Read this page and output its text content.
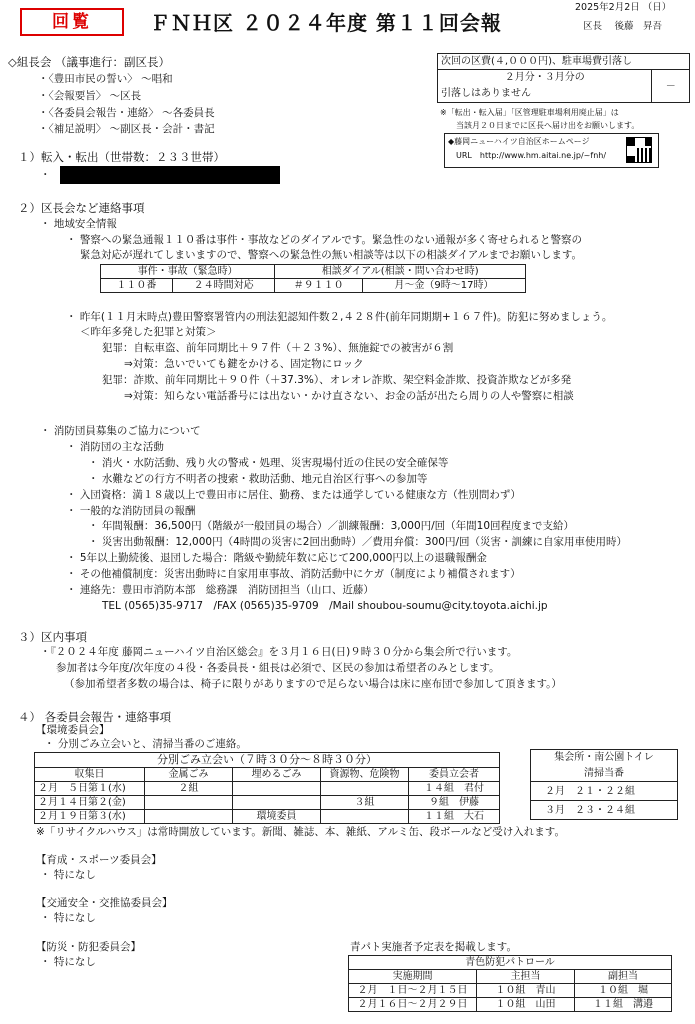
回覧	ＦＮＨ区 ２０２４年度 第１１回会報
2025年2月2日 （日）
区長　 後藤　昇吾
次回の区費(４,０００円)、駐車場費引落し

２月分・３月分の
引落しはありません
	－
※「転出・転入届」「区管理駐車場利用廃止届」は
当該月２０日までに区長へ届け出をお願いします。
◆藤岡ニューハイツ自治区ホームページ
URL　http://www.hm.aitai.ne.jp/~fnh/
◇組長会 （議事進行：副区長）
・〈豊田市民の誓い〉 ～唱和
・〈会報要旨〉 ～区長
・〈各委員会報告・連絡〉 ～各委員長
・〈補足説明〉 ～副区長・会計・書記
１）転入・転出（世帯数：２３３世帯）
・
２）区長会など連絡事項
・ 地域安全情報
・ 警察への緊急通報１１０番は事件・事故などのダイアルです。緊急性のない通報が多く寄せられると警察の
緊急対応が遅れてしまいますので、警察への緊急性の無い相談等は以下の相談ダイアルまでお願いします。
事件・事故（緊急時）		相談ダイアル(相談・問い合わせ時)	
１１０番	２４時間対応	＃９１１０	月～金（9時～17時）
・ 昨年(１１月末時点)豊田警察署管内の刑法犯認知件数２,４２８件(前年同期期+１６７件)。防犯に努めましょう。
＜昨年多発した犯罪と対策＞
犯罪：自転車盗、前年同期比＋９７件（＋２３%）、無施錠での被害が６割
⇒対策：急いでいても鍵をかける、固定物にロック
犯罪：詐欺、前年同期比＋９０件（＋37.3%）、オレオレ詐欺、架空料金詐欺、投資詐欺などが多発
⇒対策：知らない電話番号には出ない・かけ直さない、お金の話が出たら周りの人や警察に相談
・ 消防団員募集のご協力について
・ 消防団の主な活動
・ 消火・水防活動、残り火の警戒・処理、災害現場付近の住民の安全確保等
・ 水難などの行方不明者の捜索・救助活動、地元自治区行事への参加等
・ 入団資格：満１８歳以上で豊田市に居住、勤務、または通学している健康な方（性別問わず）
・ 一般的な消防団員の報酬
・ 年間報酬：36,500円（階級が一般団員の場合）／訓練報酬：3,000円/回（年間10回程度まで支給）
・ 災害出動報酬：12,000円（4時間の災害に2回出動時）／費用弁償：300円/回（災害・訓練に自家用車使用時）
・ 5年以上勤続後、退団した場合：階級や勤続年数に応じて200,000円以上の退職報酬金
・ その他補償制度：災害出動時に自家用車事故、消防活動中にケガ（制度により補償されます）
・ 連絡先：豊田市消防本部　総務課　消防団担当（山口、近藤）
TEL (0565)35-9717　/FAX (0565)35-9709　/Mail shoubou-soumu@city.toyota.aichi.jp
３）区内事項
・『２０２４年度 藤岡ニューハイツ自治区総会』を３月１６日(日)９時３０分から集会所で行います。
参加者は今年度/次年度の４役・各委員長・組長は必須で、区民の参加は希望者のみとします。
（参加希望者多数の場合は、椅子に限りがありますので足らない場合は床に座布団で参加して頂きます。）
４） 各委員会報告・連絡事項
【環境委員会】
・ 分別ごみ立会いと、清掃当番のご連絡。
分別ごみ立会い（７時３０分～８時３０分）				
収集日	金属ごみ	埋めるごみ	資源物、危険物	委員立会者
２月　５日第１(水)	２組			１４組　君付
２月１４日第２(金)			３組	９組　伊藤
２月１９日第３(水)		環境委員		１１組　大石
集会所・南公園トイレ
清掃当番
２月　２１・２２組
３月　２３・２４組
※「リサイクルハウス」は常時開放しています。新聞、雑誌、本、雑紙、アルミ缶、段ボールなど受け入れます。
【育成・スポーツ委員会】
・ 特になし
【交通安全・交推協委員会】
・ 特になし
【防災・防犯委員会】
・ 特になし
青パト実施者予定表を掲載します。
青色防犯パトロール		
実施期間	主担当	副担当
２月　１日～２月１５日	１０組　青山	１０組　堀
２月１６日～２月２９日	１０組　山田	１１組　溝邉
